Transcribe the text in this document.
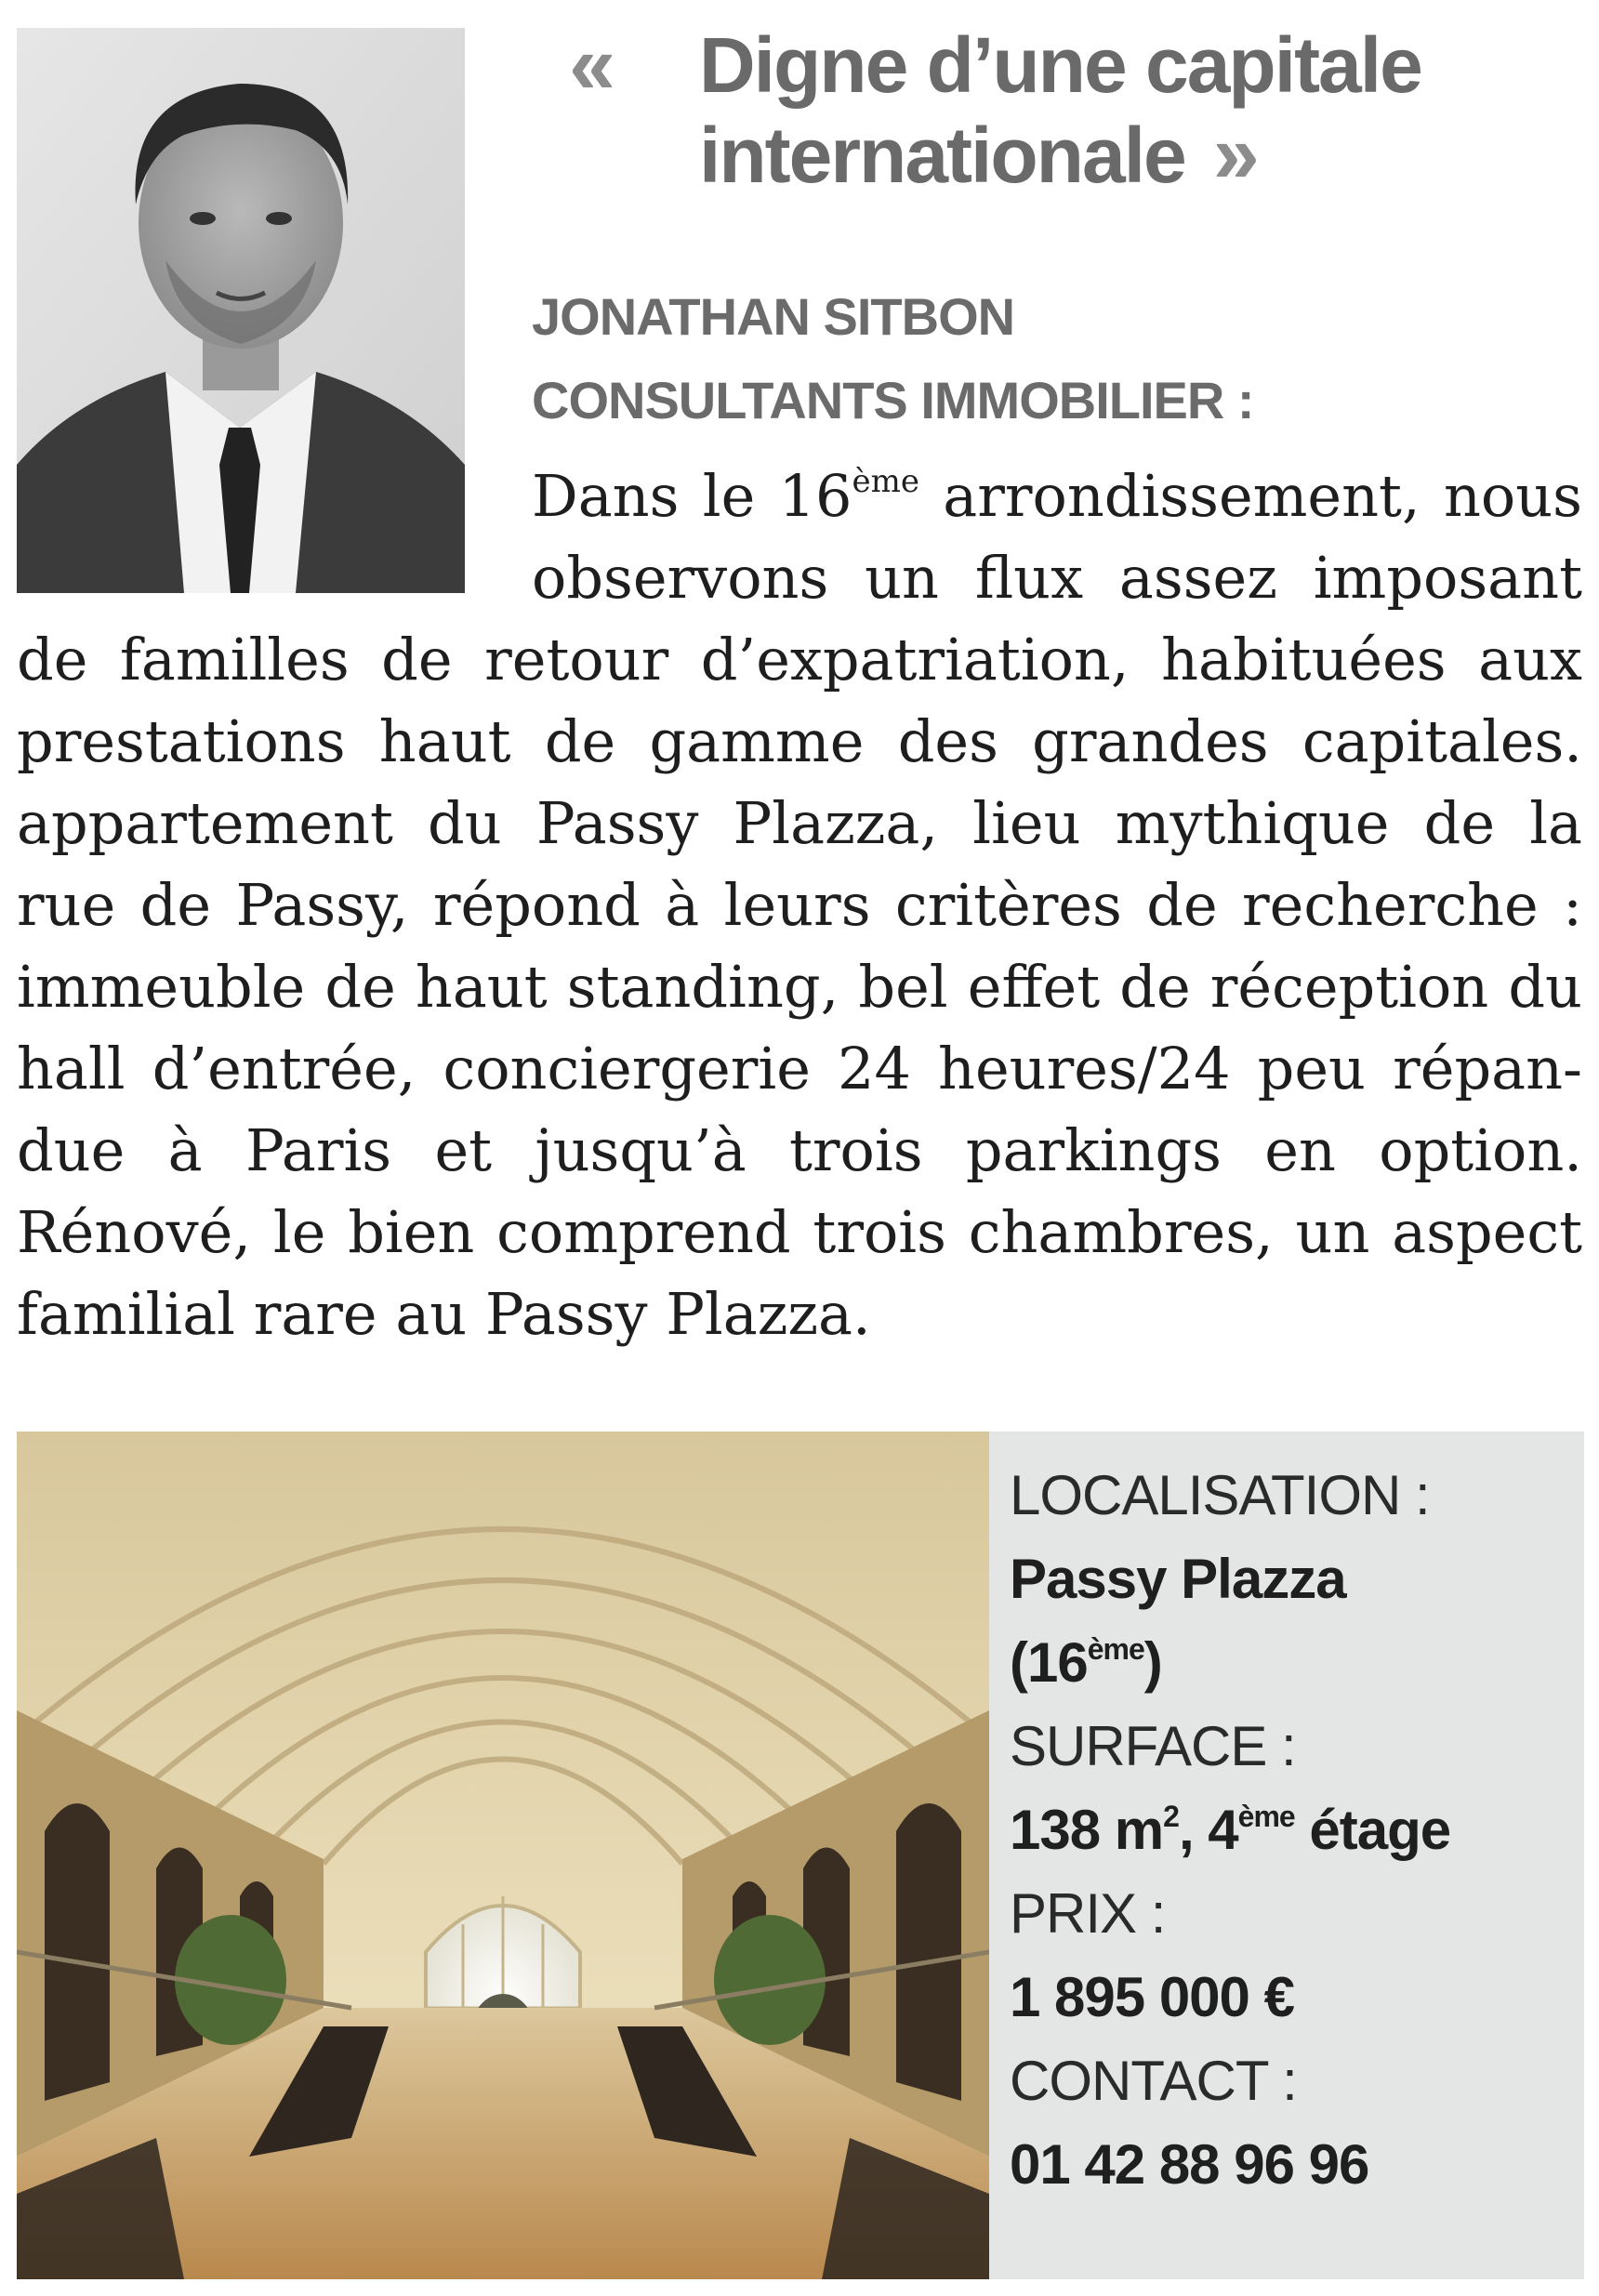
« Digne d’une capitale
internationale »
JONATHAN SITBON
CONSULTANTS IMMOBILIER :
Dans le 16ème arrondissement, nous
observons un flux assez imposant
de familles de retour d’expatriation, habituées aux
prestations haut de gamme des grandes capitales.
appartement du Passy Plazza, lieu mythique de la
rue de Passy, répond à leurs critères de recherche :
immeuble de haut standing, bel effet de réception du
hall d’entrée, conciergerie 24 heures/24 peu répan-
due à Paris et jusqu’à trois parkings en option.
Rénové, le bien comprend trois chambres, un aspect
familial rare au Passy Plazza.
LOCALISATION :
Passy Plazza
(16ème)
SURFACE :
138 $m^2$, 4ème étage
PRIX :
1 895 000 €
CONTACT :
01 42 88 96 96
